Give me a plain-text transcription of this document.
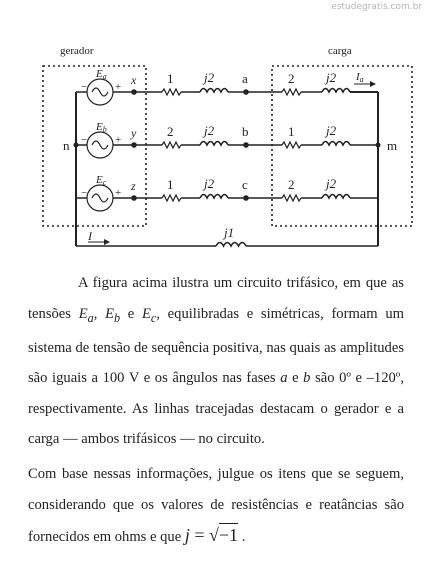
estudegratis.com.br
gerador	carga
j1
I
n	m
−	+
Ea x 1 j2 a	2 j2 Ia
−	+
Eb y 2 j2 b	1 j2
−	+
Ec z 1 j2 c	2 j2

A figura acima ilustra um circuito trifásico, em que as tensões $E_a$, $E_b$ e $E_c$, equilibradas e simétricas, formam um sistema de tensão de sequência positiva, nas quais as amplitudes são iguais a 100 V e os ângulos nas fases a e b são 0º e –120º, respectivamente. As linhas tracejadas destacam o gerador e a carga — ambos trifásicos — no circuito.

Com base nessas informações, julgue os itens que se seguem, considerando que os valores de resistências e reatâncias são fornecidos em ohms e que j = √−1 .
